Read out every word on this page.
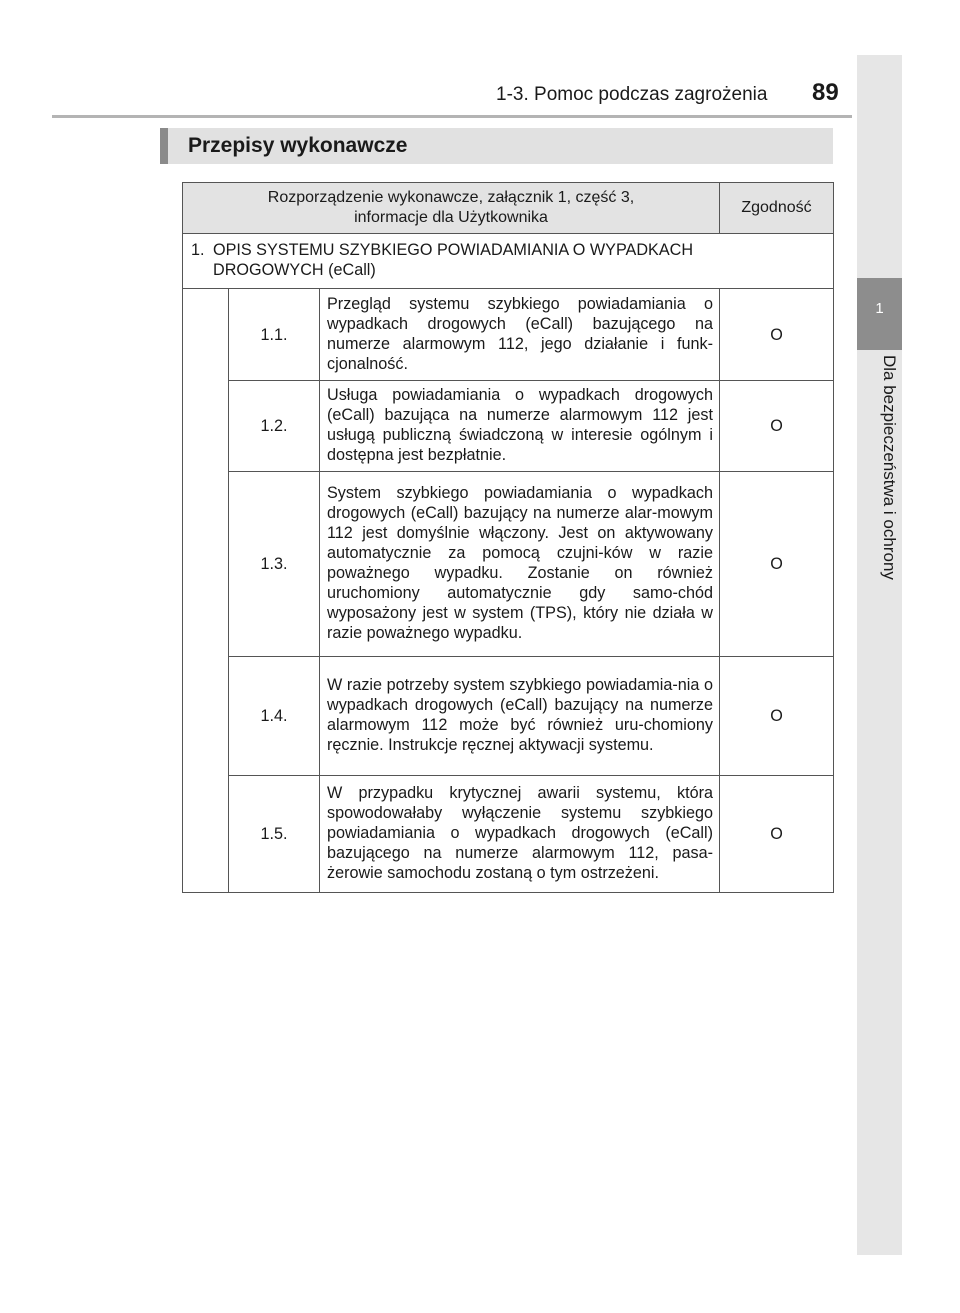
1-3. Pomoc podczas zagrożenia 89
1
Dla bezpieczeństwa i ochrony
Przepisy wykonawcze
Rozporządzenie wykonawcze, załącznik 1, część 3,
informacje dla Użytkownika			Zgodność

1. OPIS SYSTEMU SZYBKIEGO POWIADAMIANIA O WYPADKACH
DROGOWYCH (eCall)			

	1.1.	Przegląd systemu szybkiego powiadamiania o wypadkach drogowych (eCall) bazującego na numerze alarmowym 112, jego działanie i funk-cjonalność.	O
	1.2.	Usługa powiadamiania o wypadkach drogowych (eCall) bazująca na numerze alarmowym 112 jest usługą publiczną świadczoną w interesie ogólnym i dostępna jest bezpłatnie.	O
	1.3.	System szybkiego powiadamiania o wypadkach drogowych (eCall) bazujący na numerze alar-mowym 112 jest domyślnie włączony. Jest on aktywowany automatycznie za pomocą czujni-ków w razie poważnego wypadku. Zostanie on również uruchomiony automatycznie gdy samo-chód wyposażony jest w system (TPS), który nie działa w razie poważnego wypadku.	O
	1.4.	W razie potrzeby system szybkiego powiadamia-nia o wypadkach drogowych (eCall) bazujący na numerze alarmowym 112 może być również uru-chomiony ręcznie. Instrukcje ręcznej aktywacji systemu.	O
	1.5.	W przypadku krytycznej awarii systemu, która spowodowałaby wyłączenie systemu szybkiego powiadamiania o wypadkach drogowych (eCall) bazującego na numerze alarmowym 112, pasa-żerowie samochodu zostaną o tym ostrzeżeni.	O
